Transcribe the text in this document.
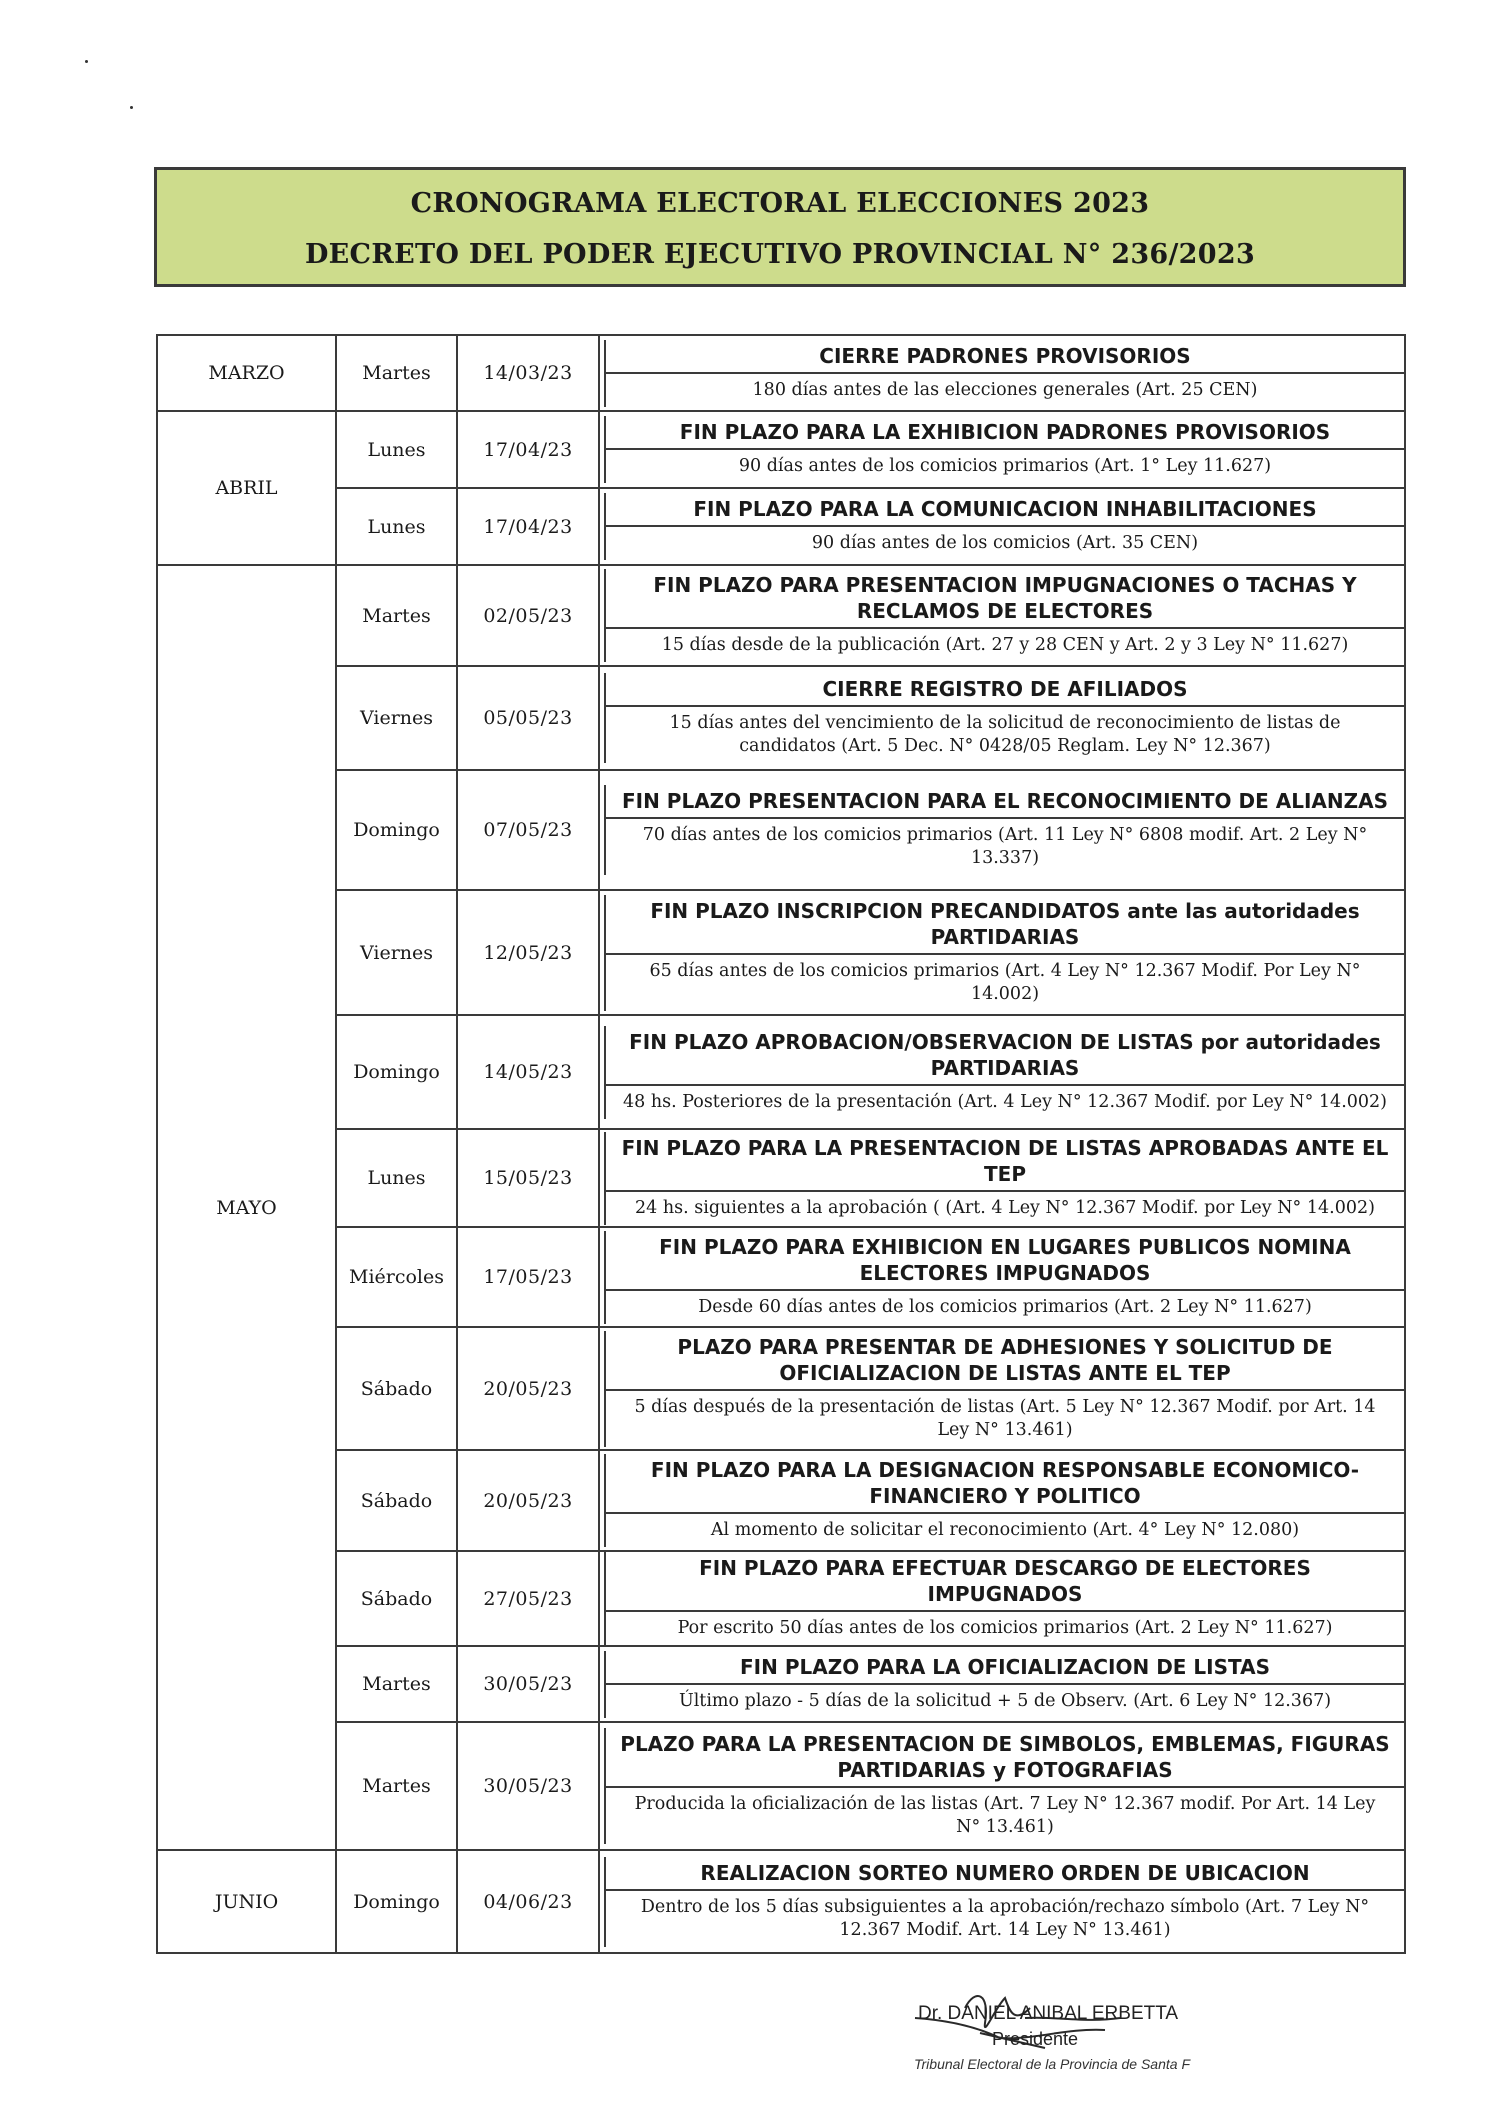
CRONOGRAMA ELECTORAL ELECCIONES 2023
DECRETO DEL PODER EJECUTIVO PROVINCIAL N° 236/2023
MARZO	Martes	14/03/23	CIERRE PADRONES PROVISORIOS
180 días antes de las elecciones generales (Art. 25 CEN)

ABRIL	Lunes	17/04/23	FIN PLAZO PARA LA EXHIBICION PADRONES PROVISORIOS
90 días antes de los comicios primarios (Art. 1° Ley 11.627)

	Lunes	17/04/23	FIN PLAZO PARA LA COMUNICACION INHABILITACIONES
90 días antes de los comicios (Art. 35 CEN)

MAYO	Martes	02/05/23	FIN PLAZO PARA PRESENTACION IMPUGNACIONES O TACHAS Y RECLAMOS DE ELECTORES
15 días desde de la publicación (Art. 27 y 28 CEN y Art. 2 y 3 Ley N° 11.627)

	Viernes	05/05/23	CIERRE REGISTRO DE AFILIADOS
15 días antes del vencimiento de la solicitud de reconocimiento de listas de candidatos (Art. 5 Dec. N° 0428/05 Reglam. Ley N° 12.367)

	Domingo	07/05/23	FIN PLAZO PRESENTACION PARA EL RECONOCIMIENTO DE ALIANZAS
70 días antes de los comicios primarios (Art. 11 Ley N° 6808 modif. Art. 2 Ley N° 13.337)

	Viernes	12/05/23	FIN PLAZO INSCRIPCION PRECANDIDATOS ante las autoridades PARTIDARIAS
65 días antes de los comicios primarios (Art. 4 Ley N° 12.367 Modif. Por Ley N° 14.002)

	Domingo	14/05/23	FIN PLAZO APROBACION/OBSERVACION DE LISTAS por autoridades PARTIDARIAS
48 hs. Posteriores de la presentación (Art. 4 Ley N° 12.367 Modif. por Ley N° 14.002)

	Lunes	15/05/23	FIN PLAZO PARA LA PRESENTACION DE LISTAS APROBADAS ANTE EL TEP
24 hs. siguientes a la aprobación ( (Art. 4 Ley N° 12.367 Modif. por Ley N° 14.002)

	Miércoles	17/05/23	FIN PLAZO PARA EXHIBICION EN LUGARES PUBLICOS NOMINA ELECTORES IMPUGNADOS
Desde 60 días antes de los comicios primarios (Art. 2 Ley N° 11.627)

	Sábado	20/05/23	PLAZO PARA PRESENTAR DE ADHESIONES Y SOLICITUD DE OFICIALIZACION DE LISTAS ANTE EL TEP
5 días después de la presentación de listas (Art. 5 Ley N° 12.367 Modif. por Art. 14 Ley N° 13.461)

	Sábado	20/05/23	FIN PLAZO PARA LA DESIGNACION RESPONSABLE ECONOMICO-FINANCIERO Y POLITICO
Al momento de solicitar el reconocimiento (Art. 4° Ley N° 12.080)

	Sábado	27/05/23	FIN PLAZO PARA EFECTUAR DESCARGO DE ELECTORES IMPUGNADOS
Por escrito 50 días antes de los comicios primarios (Art. 2 Ley N° 11.627)

	Martes	30/05/23	FIN PLAZO PARA LA OFICIALIZACION DE LISTAS
Último plazo - 5 días de la solicitud + 5 de Observ. (Art. 6 Ley N° 12.367)

	Martes	30/05/23	PLAZO PARA LA PRESENTACION DE SIMBOLOS, EMBLEMAS, FIGURAS PARTIDARIAS y FOTOGRAFIAS
Producida la oficialización de las listas (Art. 7 Ley N° 12.367 modif. Por Art. 14 Ley N° 13.461)

JUNIO	Domingo	04/06/23	REALIZACION SORTEO NUMERO ORDEN DE UBICACION
Dentro de los 5 días subsiguientes a la aprobación/rechazo símbolo (Art. 7 Ley N° 12.367 Modif. Art. 14 Ley N° 13.461)
Dr. DANIEL ANIBAL ERBETTA
Presidente
Tribunal Electoral de la Provincia de Santa F
